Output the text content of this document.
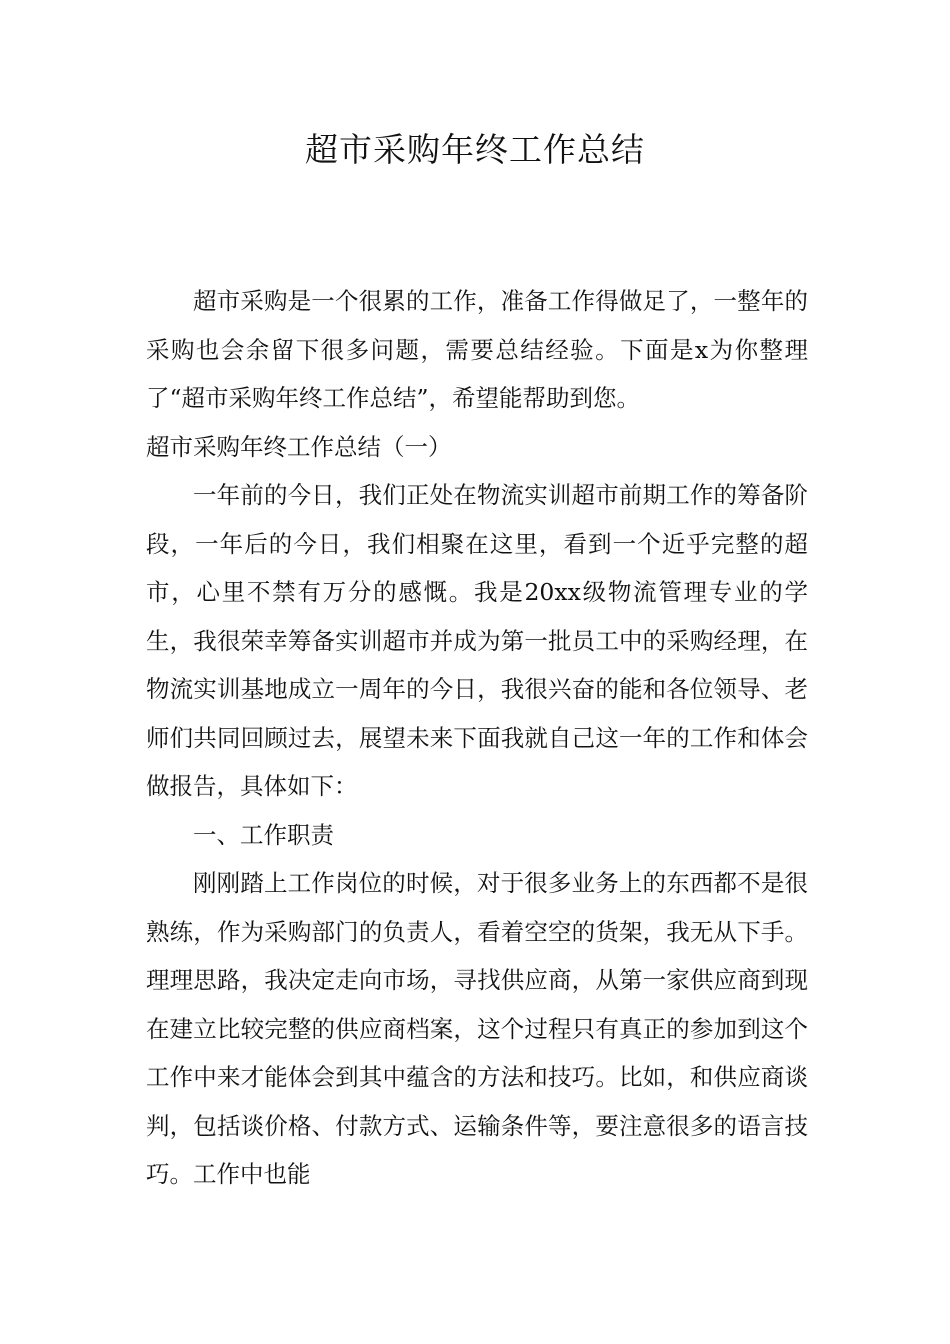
超市采购年终工作总结

超市采购是一个很累的工作，准备工作得做足了，一整年的采购也会余留下很多问题，需要总结经验。下面是x为你整理了“超市采购年终工作总结”，希望能帮助到您。

超市采购年终工作总结（一）

一年前的今日，我们正处在物流实训超市前期工作的筹备阶段，一年后的今日，我们相聚在这里，看到一个近乎完整的超市，心里不禁有万分的感慨。我是20xx级物流管理专业的学生，我很荣幸筹备实训超市并成为第一批员工中的采购经理，在物流实训基地成立一周年的今日，我很兴奋的能和各位领导、老师们共同回顾过去，展望未来下面我就自己这一年的工作和体会做报告，具体如下：

一、工作职责

刚刚踏上工作岗位的时候，对于很多业务上的东西都不是很熟练，作为采购部门的负责人，看着空空的货架，我无从下手。理理思路，我决定走向市场，寻找供应商，从第一家供应商到现在建立比较完整的供应商档案，这个过程只有真正的参加到这个工作中来才能体会到其中蕴含的方法和技巧。比如，和供应商谈判，包括谈价格、付款方式、运输条件等，要注意很多的语言技巧。工作中也能
